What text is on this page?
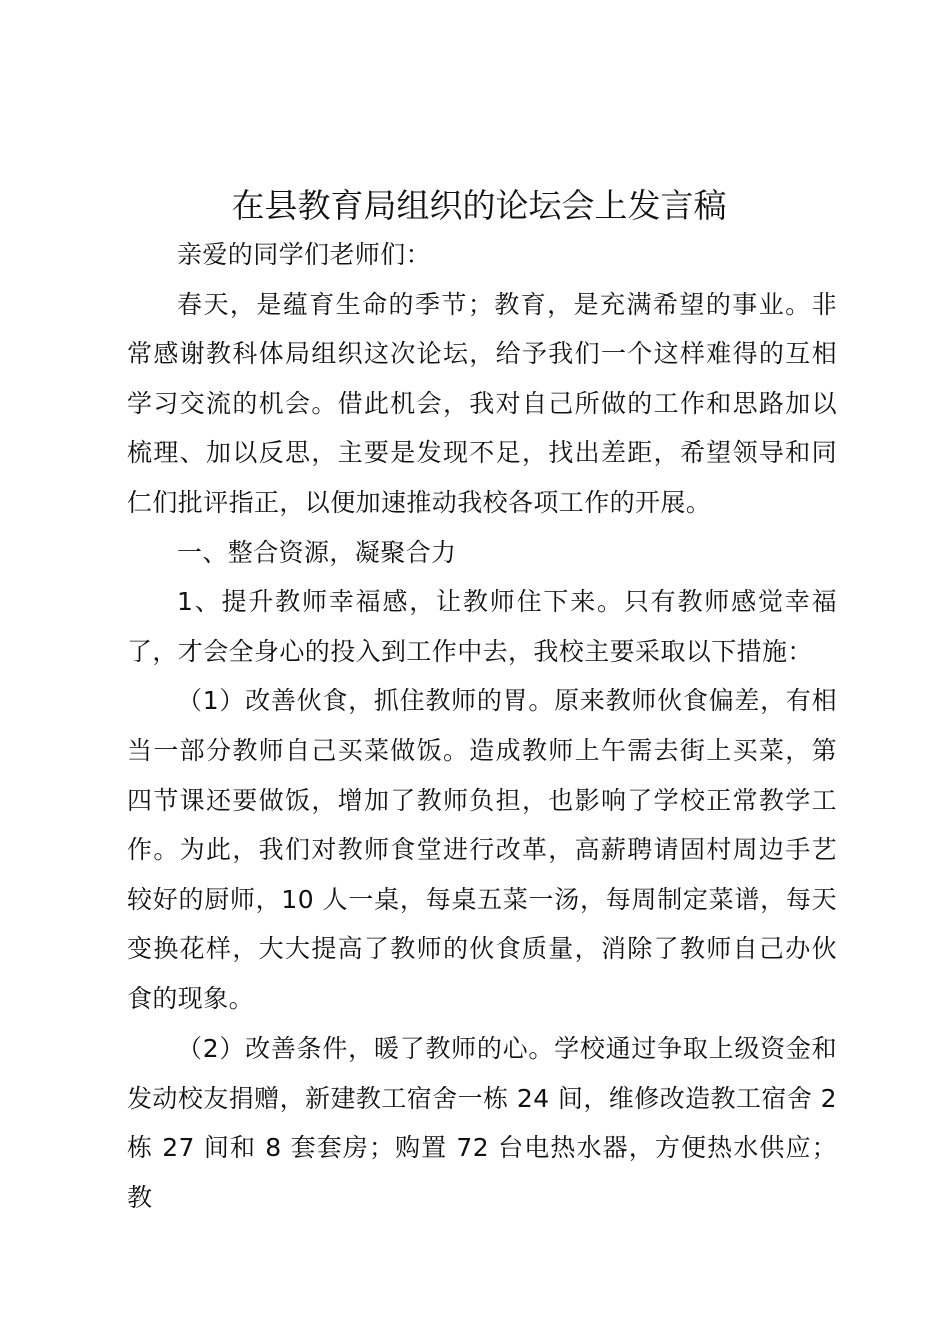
在县教育局组织的论坛会上发言稿

亲爱的同学们老师们：

春天，是蕴育生命的季节；教育，是充满希望的事业。非常感谢教科体局组织这次论坛，给予我们一个这样难得的互相学习交流的机会。借此机会，我对自己所做的工作和思路加以梳理、加以反思，主要是发现不足，找出差距，希望领导和同仁们批评指正，以便加速推动我校各项工作的开展。

一、整合资源，凝聚合力

1、提升教师幸福感，让教师住下来。只有教师感觉幸福了，才会全身心的投入到工作中去，我校主要采取以下措施：

（1）改善伙食，抓住教师的胃。原来教师伙食偏差，有相当一部分教师自己买菜做饭。造成教师上午需去街上买菜，第四节课还要做饭，增加了教师负担，也影响了学校正常教学工作。为此，我们对教师食堂进行改革，高薪聘请固村周边手艺较好的厨师，10 人一桌，每桌五菜一汤，每周制定菜谱，每天变换花样，大大提高了教师的伙食质量，消除了教师自己办伙食的现象。

（2）改善条件，暖了教师的心。学校通过争取上级资金和发动校友捐赠，新建教工宿舍一栋 24 间，维修改造教工宿舍 2 栋 27 间和 8 套套房；购置 72 台电热水器，方便热水供应；教
